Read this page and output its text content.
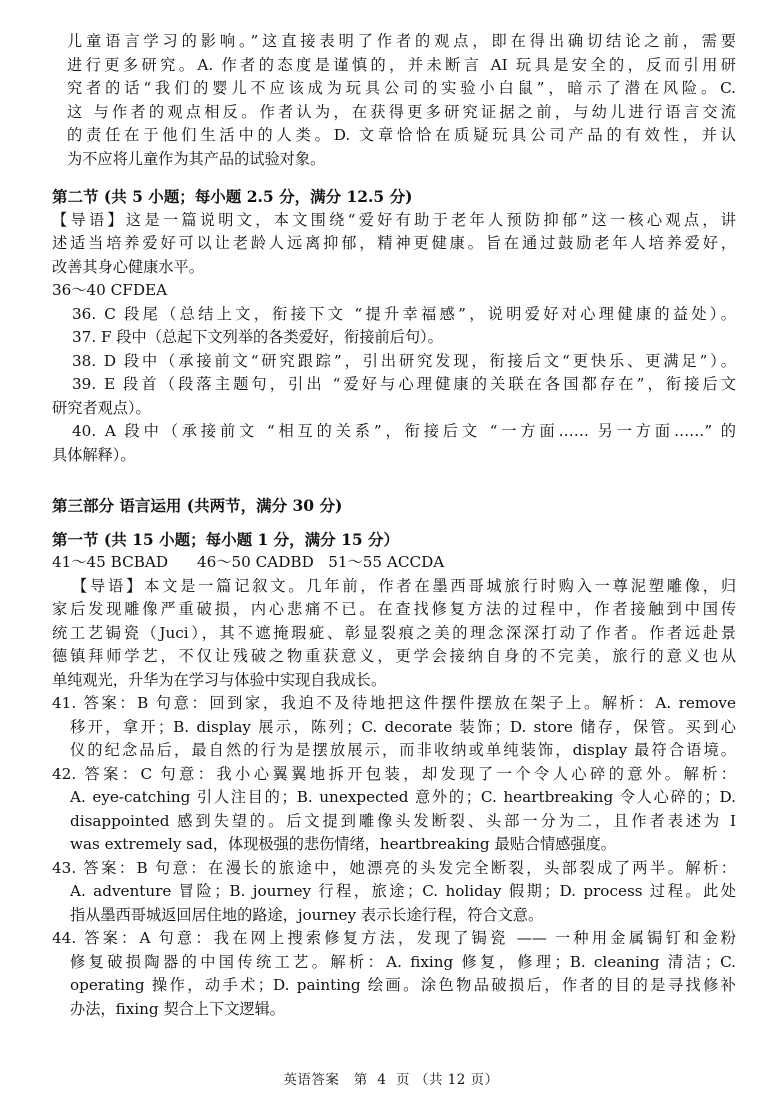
儿童语言学习的影响。”这直接表明了作者的观点，即在得出确切结论之前，需要
进行更多研究。A. 作者的态度是谨慎的，并未断言 AI 玩具是安全的，反而引用研
究者的话“我们的婴儿不应该成为玩具公司的实验小白鼠”，暗示了潜在风险。C.
这 与作者的观点相反。作者认为，在获得更多研究证据之前，与幼儿进行语言交流
的责任在于他们生活中的人类。D. 文章恰恰在质疑玩具公司产品的有效性，并认
为不应将儿童作为其产品的试验对象。
第二节 (共 5 小题；每小题 2.5 分，满分 12.5 分)
【导语】这是一篇说明文，本文围绕“爱好有助于老年人预防抑郁”这一核心观点，讲
述适当培养爱好可以让老龄人远离抑郁，精神更健康。旨在通过鼓励老年人培养爱好，
改善其身心健康水平。
36～40 CFDEA
36. C 段尾（总结上文，衔接下文 “提升幸福感”，说明爱好对心理健康的益处）。
37. F 段中（总起下文列举的各类爱好，衔接前后句）。
38. D 段中（承接前文“研究跟踪”，引出研究发现，衔接后文“更快乐、更满足”）。
39. E 段首（段落主题句，引出 “爱好与心理健康的关联在各国都存在”，衔接后文
研究者观点）。
40. A 段中（承接前文 “相互的关系”，衔接后文 “一方面…… 另一方面……” 的
具体解释）。
第三部分 语言运用 (共两节，满分 30 分)
第一节 (共 15 小题；每小题 1 分，满分 15 分）
41～45 BCBAD      46～50 CADBD   51～55 ACCDA
【导语】本文是一篇记叙文。几年前，作者在墨西哥城旅行时购入一尊泥塑雕像，归
家后发现雕像严重破损，内心悲痛不已。在查找修复方法的过程中，作者接触到中国传
统工艺锔瓷（Juci），其不遮掩瑕疵、彰显裂痕之美的理念深深打动了作者。作者远赴景
德镇拜师学艺，不仅让残破之物重获意义，更学会接纳自身的不完美，旅行的意义也从
单纯观光，升华为在学习与体验中实现自我成长。
41. 答案：B 句意：回到家，我迫不及待地把这件摆件摆放在架子上。解析：A. remove
移开，拿开；B. display 展示，陈列；C. decorate 装饰；D. store 储存，保管。买到心
仪的纪念品后，最自然的行为是摆放展示，而非收纳或单纯装饰，display 最符合语境。
42. 答案：C 句意：我小心翼翼地拆开包装，却发现了一个令人心碎的意外。解析：
A. eye-catching 引人注目的；B. unexpected 意外的；C. heartbreaking 令人心碎的；D.
disappointed 感到失望的。后文提到雕像头发断裂、头部一分为二，且作者表述为 I
was extremely sad，体现极强的悲伤情绪，heartbreaking 最贴合情感强度。
43. 答案：B 句意：在漫长的旅途中，她漂亮的头发完全断裂，头部裂成了两半。解析：
A. adventure 冒险；B. journey 行程，旅途；C. holiday 假期；D. process 过程。此处
指从墨西哥城返回居住地的路途，journey 表示长途行程，符合文意。
44. 答案：A 句意：我在网上搜索修复方法，发现了锔瓷 —— 一种用金属锔钉和金粉
修复破损陶器的中国传统工艺。解析：A. fixing 修复，修理；B. cleaning 清洁；C.
operating 操作，动手术；D. painting 绘画。涂色物品破损后，作者的目的是寻找修补
办法，fixing 契合上下文逻辑。
英语答案   第  4  页 （共 12 页）
